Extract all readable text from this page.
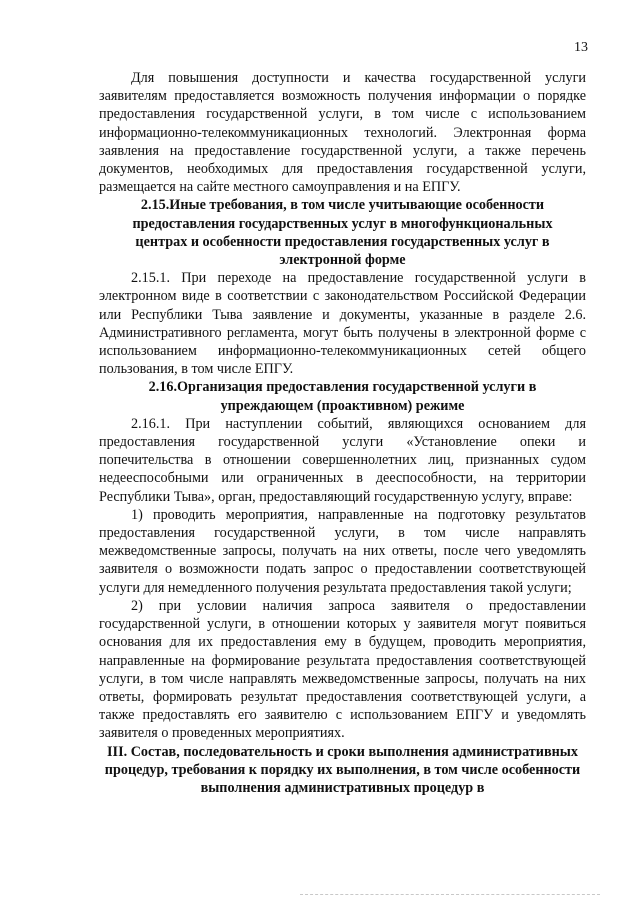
13

Для повышения доступности и качества государственной услуги заявителям предоставляется возможность получения информации о порядке предоставления государственной услуги, в том числе с использованием информационно-телекоммуникационных технологий. Электронная форма заявления на предоставление государственной услуги, а также перечень документов, необходимых для предоставления государственной услуги, размещается на сайте местного самоуправления и на ЕПГУ.

2.15.Иные требования, в том числе учитывающие особенности предоставления государственных услуг в многофункциональных центрах и особенности предоставления государственных услуг в электронной форме

2.15.1. При переходе на предоставление государственной услуги в электронном виде в соответствии с законодательством Российской Федерации или Республики Тыва заявление и документы, указанные в разделе 2.6. Административного регламента, могут быть получены в электронной форме с использованием информационно-телекоммуникационных сетей общего пользования, в том числе ЕПГУ.

2.16.Организация предоставления государственной услуги в упреждающем (проактивном) режиме

2.16.1. При наступлении событий, являющихся основанием для предоставления государственной услуги «Установление опеки и попечительства в отношении совершеннолетних лиц, признанных судом недееспособными или ограниченных в дееспособности, на территории Республики Тыва», орган, предоставляющий государственную услугу, вправе:

1) проводить мероприятия, направленные на подготовку результатов предоставления государственной услуги, в том числе направлять межведомственные запросы, получать на них ответы, после чего уведомлять заявителя о возможности подать запрос о предоставлении соответствующей услуги для немедленного получения результата предоставления такой услуги;

2) при условии наличия запроса заявителя о предоставлении государственной услуги, в отношении которых у заявителя могут появиться основания для их предоставления ему в будущем, проводить мероприятия, направленные на формирование результата предоставления соответствующей услуги, в том числе направлять межведомственные запросы, получать на них ответы, формировать результат предоставления соответствующей услуги, а также предоставлять его заявителю с использованием ЕПГУ и уведомлять заявителя о проведенных мероприятиях.

III. Состав, последовательность и сроки выполнения административных процедур, требования к порядку их выполнения, в том числе особенности выполнения административных процедур в
